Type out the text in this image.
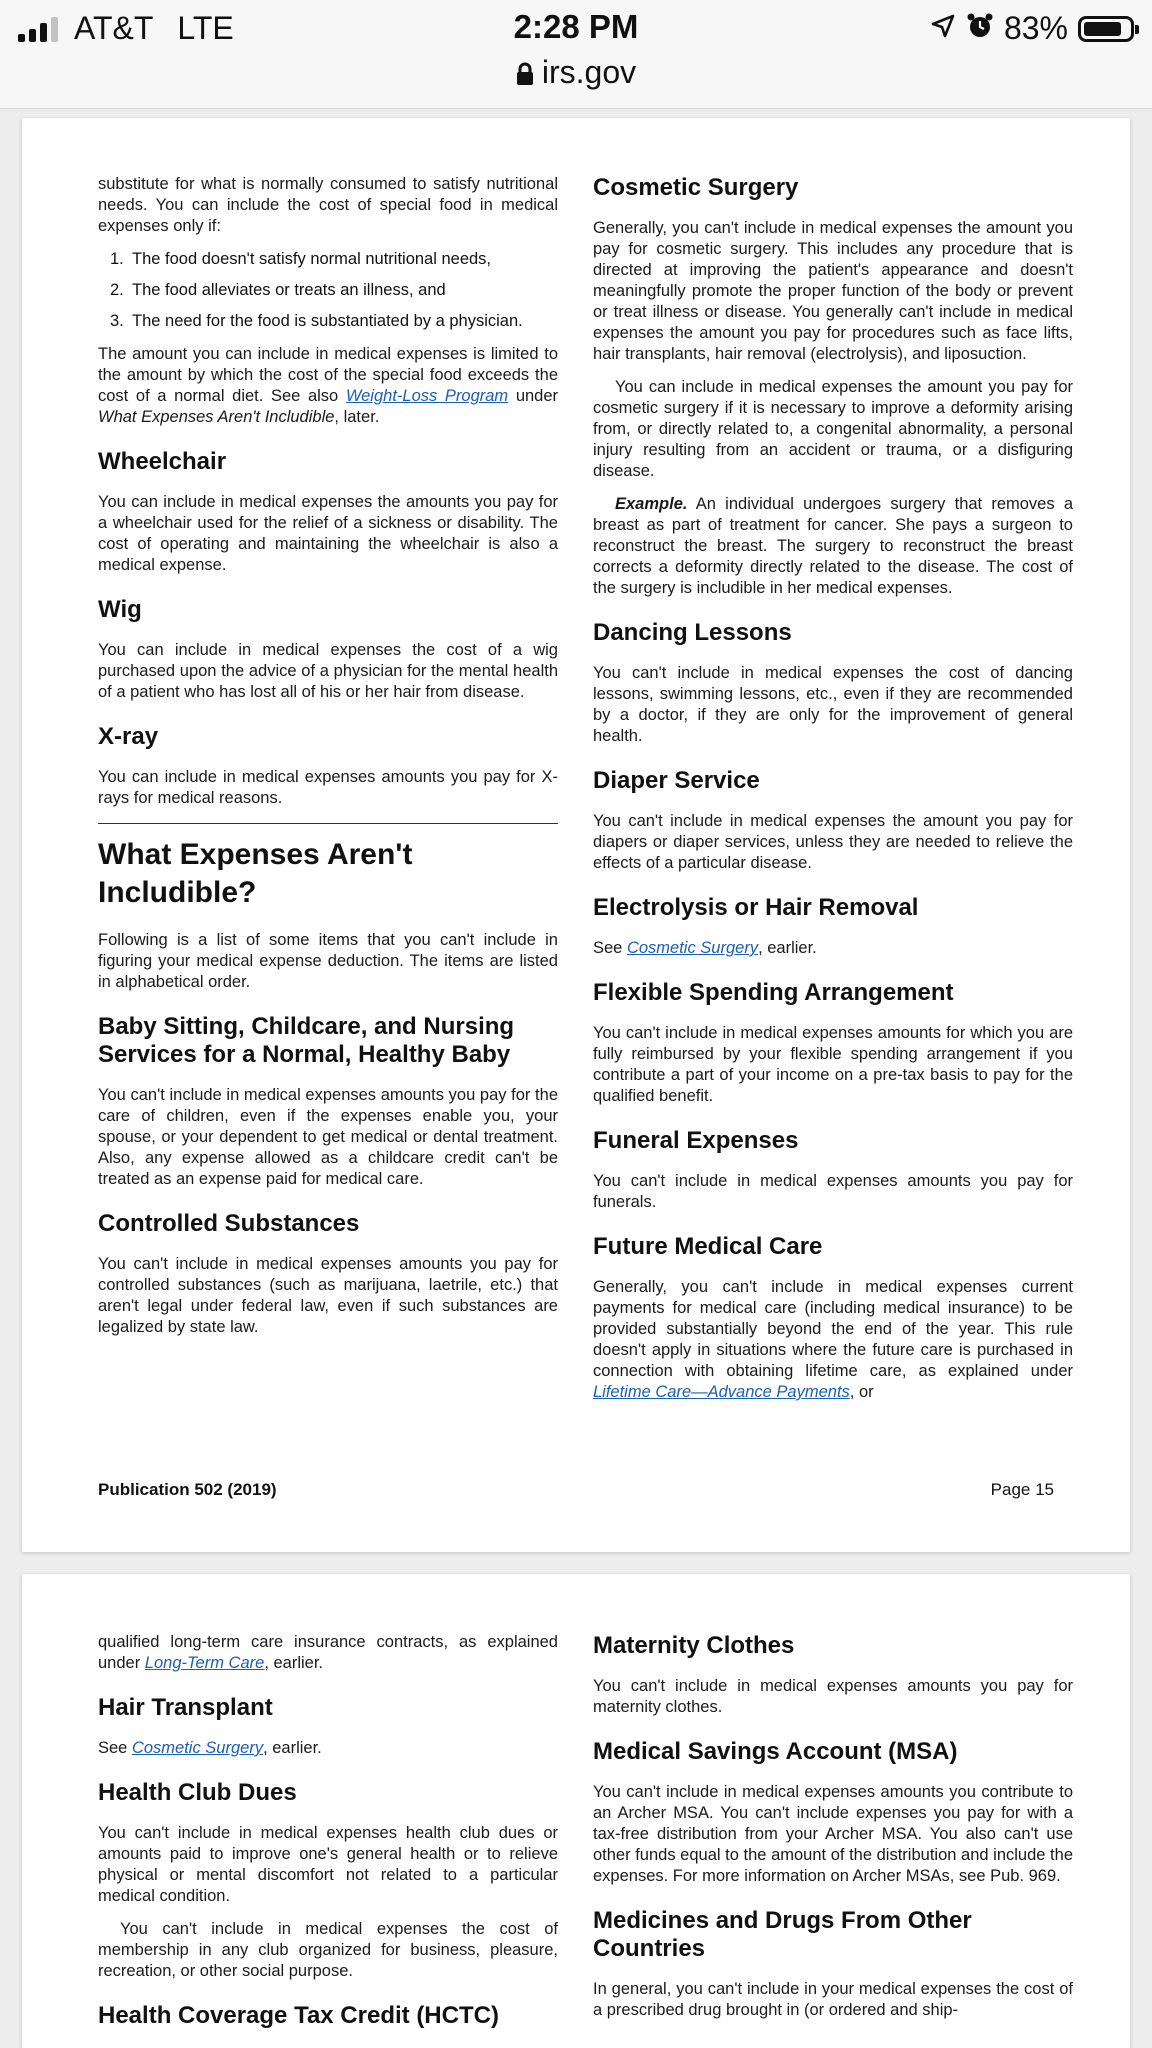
AT&T LTE	2:28 PM
irs.gov
83%

substitute for what is normally consumed to satisfy nutritional needs. You can include the cost of special food in medical expenses only if:

1. The food doesn't satisfy normal nutritional needs,
2. The food alleviates or treats an illness, and
3. The need for the food is substantiated by a physician.

The amount you can include in medical expenses is limited to the amount by which the cost of the special food exceeds the cost of a normal diet. See also Weight-Loss Program under What Expenses Aren't Includible, later.

Wheelchair

You can include in medical expenses the amounts you pay for a wheelchair used for the relief of a sickness or disability. The cost of operating and maintaining the wheelchair is also a medical expense.

Wig

You can include in medical expenses the cost of a wig purchased upon the advice of a physician for the mental health of a patient who has lost all of his or her hair from disease.

X-ray

You can include in medical expenses amounts you pay for X-rays for medical reasons.

What Expenses Aren't Includible?

Following is a list of some items that you can't include in figuring your medical expense deduction. The items are listed in alphabetical order.

Baby Sitting, Childcare, and Nursing Services for a Normal, Healthy Baby

You can't include in medical expenses amounts you pay for the care of children, even if the expenses enable you, your spouse, or your dependent to get medical or dental treatment. Also, any expense allowed as a childcare credit can't be treated as an expense paid for medical care.

Controlled Substances

You can't include in medical expenses amounts you pay for controlled substances (such as marijuana, laetrile, etc.) that aren't legal under federal law, even if such substances are legalized by state law.

Cosmetic Surgery

Generally, you can't include in medical expenses the amount you pay for cosmetic surgery. This includes any procedure that is directed at improving the patient's appearance and doesn't meaningfully promote the proper function of the body or prevent or treat illness or disease. You generally can't include in medical expenses the amount you pay for procedures such as face lifts, hair transplants, hair removal (electrolysis), and liposuction.

You can include in medical expenses the amount you pay for cosmetic surgery if it is necessary to improve a deformity arising from, or directly related to, a congenital abnormality, a personal injury resulting from an accident or trauma, or a disfiguring disease.

Example. An individual undergoes surgery that removes a breast as part of treatment for cancer. She pays a surgeon to reconstruct the breast. The surgery to reconstruct the breast corrects a deformity directly related to the disease. The cost of the surgery is includible in her medical expenses.

Dancing Lessons

You can't include in medical expenses the cost of dancing lessons, swimming lessons, etc., even if they are recommended by a doctor, if they are only for the improvement of general health.

Diaper Service

You can't include in medical expenses the amount you pay for diapers or diaper services, unless they are needed to relieve the effects of a particular disease.

Electrolysis or Hair Removal

See Cosmetic Surgery, earlier.

Flexible Spending Arrangement

You can't include in medical expenses amounts for which you are fully reimbursed by your flexible spending arrangement if you contribute a part of your income on a pre-tax basis to pay for the qualified benefit.

Funeral Expenses

You can't include in medical expenses amounts you pay for funerals.

Future Medical Care

Generally, you can't include in medical expenses current payments for medical care (including medical insurance) to be provided substantially beyond the end of the year. This rule doesn't apply in situations where the future care is purchased in connection with obtaining lifetime care, as explained under Lifetime Care—Advance Payments, or

Publication 502 (2019)	Page 15

qualified long-term care insurance contracts, as explained under Long-Term Care, earlier.

Hair Transplant

See Cosmetic Surgery, earlier.

Health Club Dues

You can't include in medical expenses health club dues or amounts paid to improve one's general health or to relieve physical or mental discomfort not related to a particular medical condition.

You can't include in medical expenses the cost of membership in any club organized for business, pleasure, recreation, or other social purpose.

Health Coverage Tax Credit (HCTC)
Maternity Clothes

You can't include in medical expenses amounts you pay for maternity clothes.

Medical Savings Account (MSA)

You can't include in medical expenses amounts you contribute to an Archer MSA. You can't include expenses you pay for with a tax-free distribution from your Archer MSA. You also can't use other funds equal to the amount of the distribution and include the expenses. For more information on Archer MSAs, see Pub. 969.

Medicines and Drugs From Other Countries

In general, you can't include in your medical expenses the cost of a prescribed drug brought in (or ordered and ship-
